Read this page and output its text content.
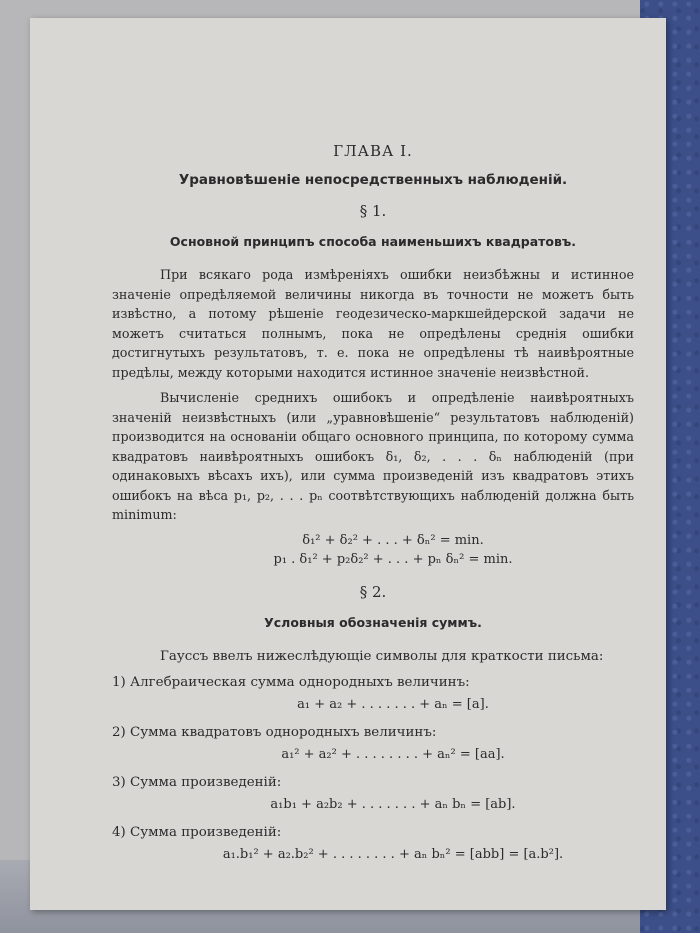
ГЛАВА I.
Уравновѣшеніе непосредственныхъ наблюденій.
§ 1.
Основной принципъ способа наименьшихъ квадратовъ.

При всякаго рода измѣреніяхъ ошибки неизбѣжны и истинное значеніе опредѣляемой величины никогда въ точности не можетъ быть извѣстно, а потому рѣшеніе геодезическо-маркшейдерской задачи не можетъ считаться полнымъ, пока не опредѣлены среднія ошибки достигнутыхъ результатовъ, т. е. пока не опредѣлены тѣ наивѣроятные предѣлы, между которыми находится истинное значеніе неизвѣстной.

Вычисленіе среднихъ ошибокъ и опредѣленіе наивѣроятныхъ значеній неизвѣстныхъ (или „уравновѣшеніе“ результатовъ наблюденій) производится на основаніи общаго основного принципа, по которому сумма квадратовъ наивѣроятныхъ ошибокъ δ₁, δ₂, . . . δₙ наблюденій (при одинаковыхъ вѣсахъ ихъ), или сумма произведеній изъ квадратовъ этихъ ошибокъ на вѣса p₁, p₂, . . . pₙ соотвѣтствующихъ наблюденій должна быть minimum:

δ₁² + δ₂² + . . . + δₙ² = min.
p₁ . δ₁² + p₂δ₂² + . . . + pₙ δₙ² = min.
§ 2.
Условныя обозначенія суммъ.
Гауссъ ввелъ нижеслѣдующіе символы для краткости письма:
1) Алгебраическая сумма однородныхъ величинъ:
a₁ + a₂ + . . . . . . . + aₙ = [a].
2) Сумма квадратовъ однородныхъ величинъ:
a₁² + a₂² + . . . . . . . . + aₙ² = [aa].
3) Сумма произведеній:
a₁b₁ + a₂b₂ + . . . . . . . + aₙ bₙ = [ab].
4) Сумма произведеній:
a₁.b₁² + a₂.b₂² + . . . . . . . . + aₙ bₙ² = [abb] = [a.b²].
